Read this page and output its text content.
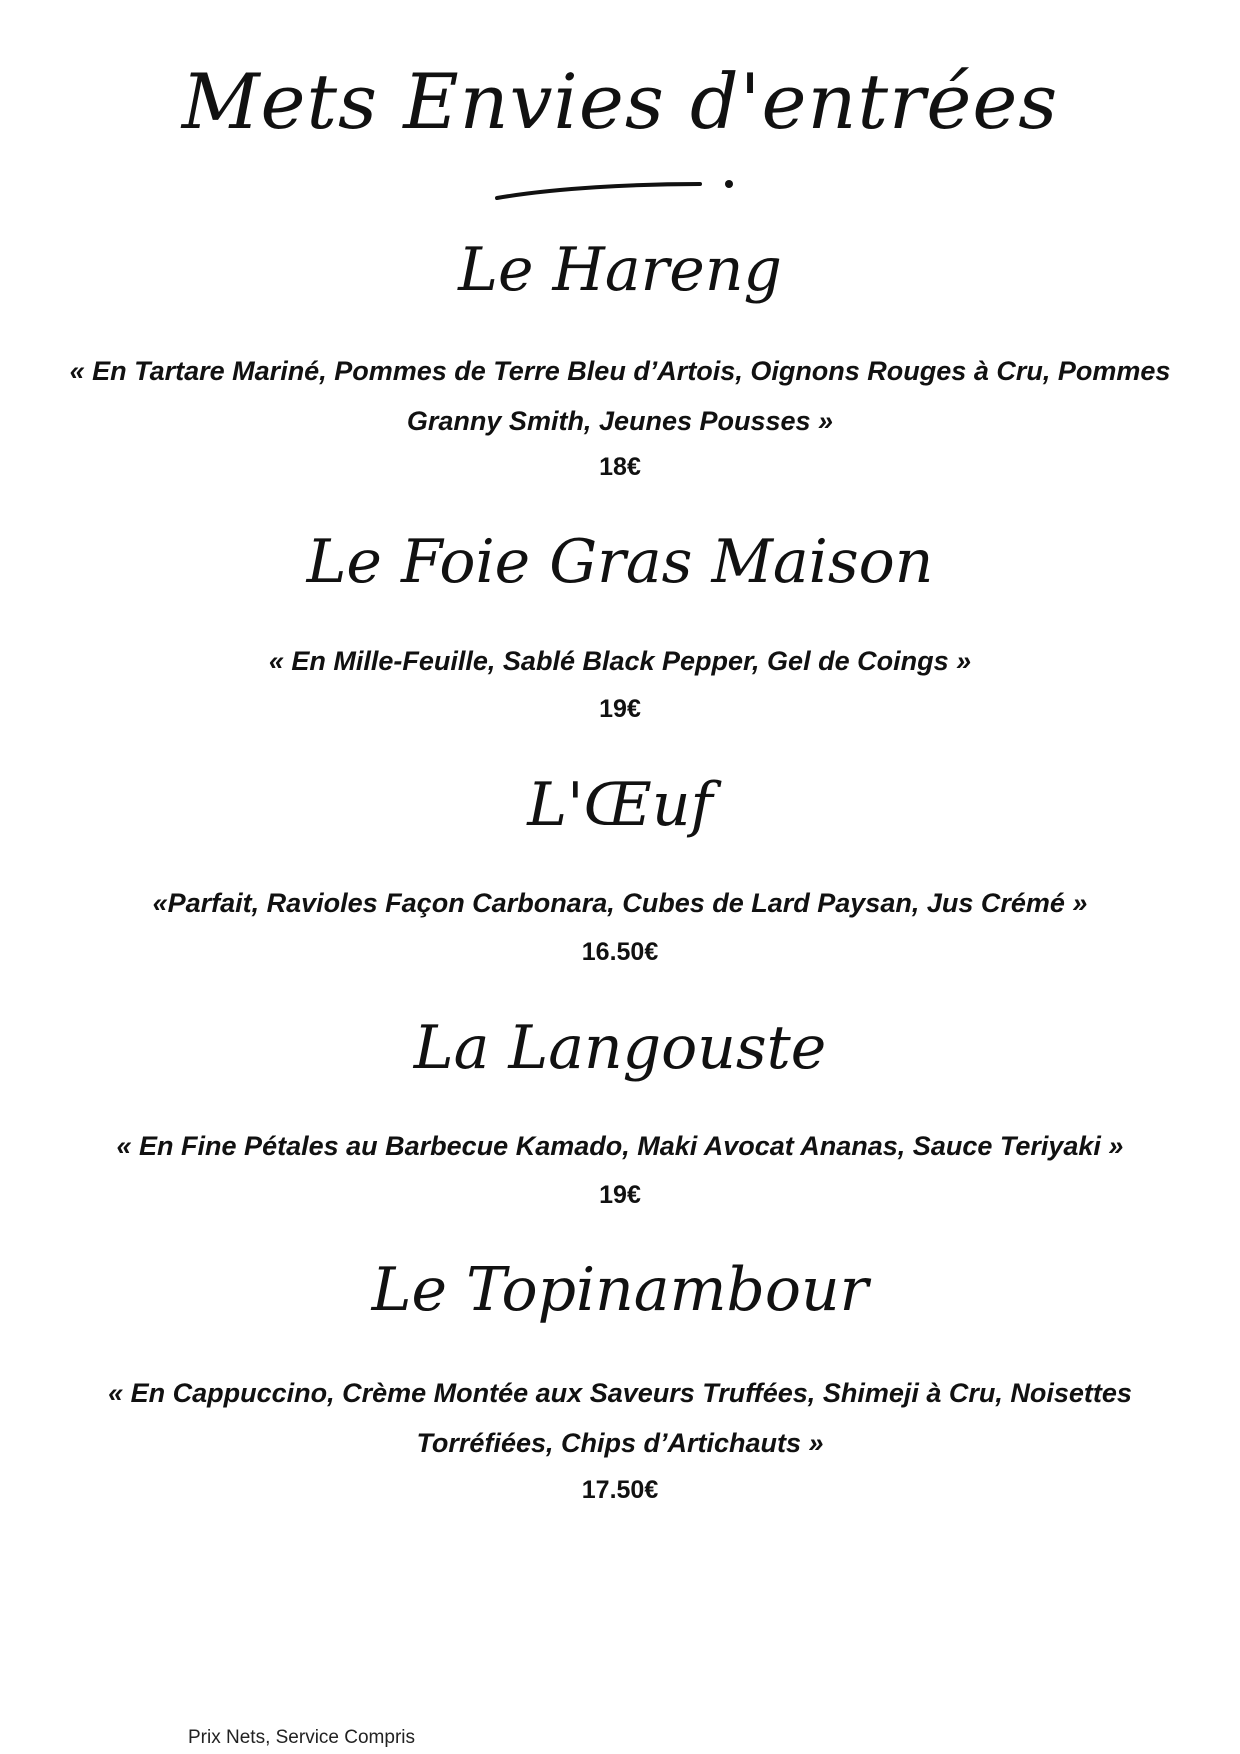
Mets Envies d'entrées
Le Hareng
« En Tartare Mariné, Pommes de Terre Bleu d’Artois, Oignons Rouges à Cru, Pommes Granny Smith, Jeunes Pousses »
18€
Le Foie Gras Maison
« En Mille-Feuille, Sablé Black Pepper, Gel de Coings »
19€
L'Œuf
«Parfait, Ravioles Façon Carbonara, Cubes de Lard Paysan, Jus Crémé »
16.50€
La Langouste
« En Fine Pétales au Barbecue Kamado, Maki Avocat Ananas, Sauce Teriyaki »
19€
Le Topinambour
« En Cappuccino, Crème Montée aux Saveurs Truffées, Shimeji à Cru, Noisettes Torréfiées, Chips d’Artichauts »
17.50€
Prix Nets, Service Compris
